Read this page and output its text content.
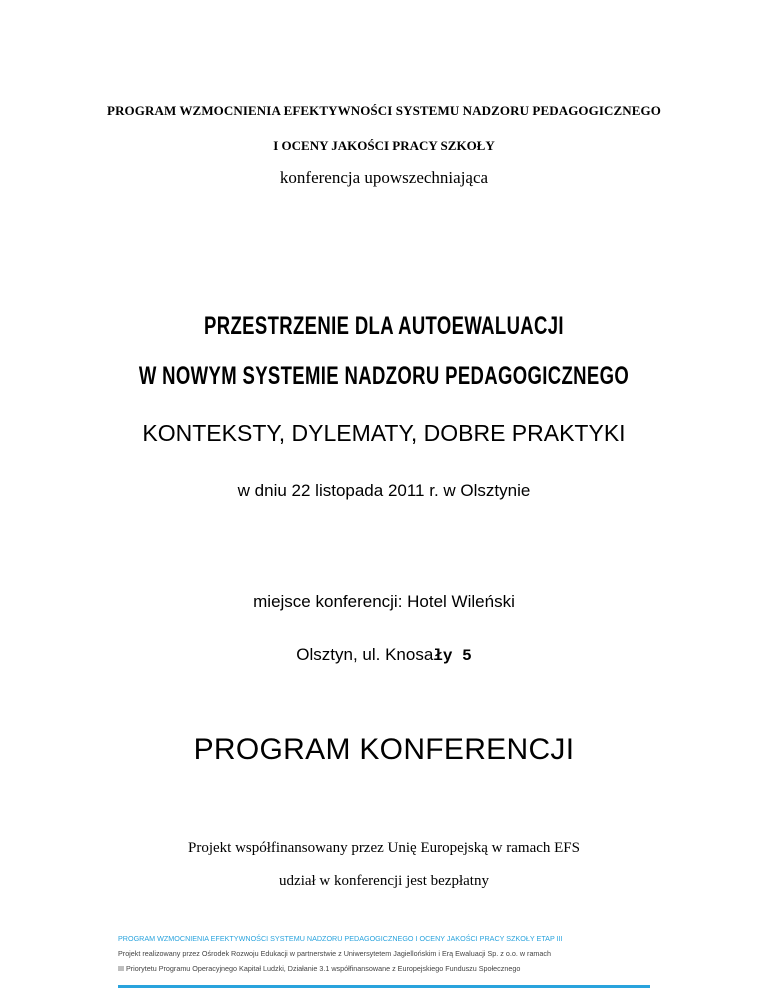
PROGRAM WZMOCNIENIA EFEKTYWNOŚCI SYSTEMU NADZORU PEDAGOGICZNEGO
I OCENY JAKOŚCI PRACY SZKOŁY
konferencja upowszechniająca
PRZESTRZENIE DLA AUTOEWALUACJI
W NOWYM SYSTEMIE NADZORU PEDAGOGICZNEGO
KONTEKSTY, DYLEMATY, DOBRE PRAKTYKI
w dniu 22 listopada 2011 r. w Olsztynie
miejsce konferencji: Hotel Wileński
Olsztyn, ul. Knosały 5
PROGRAM KONFERENCJI
Projekt współfinansowany przez Unię Europejską w ramach EFS
udział w konferencji jest bezpłatny
PROGRAM WZMOCNIENIA EFEKTYWNOŚCI SYSTEMU NADZORU PEDAGOGICZNEGO I OCENY JAKOŚCI PRACY SZKOŁY ETAP III
Projekt realizowany przez Ośrodek Rozwoju Edukacji w partnerstwie z Uniwersytetem Jagiellońskim i Erą Ewaluacji Sp. z o.o. w ramach
III Priorytetu Programu Operacyjnego Kapitał Ludzki, Działanie 3.1 współfinansowane z Europejskiego Funduszu Społecznego
